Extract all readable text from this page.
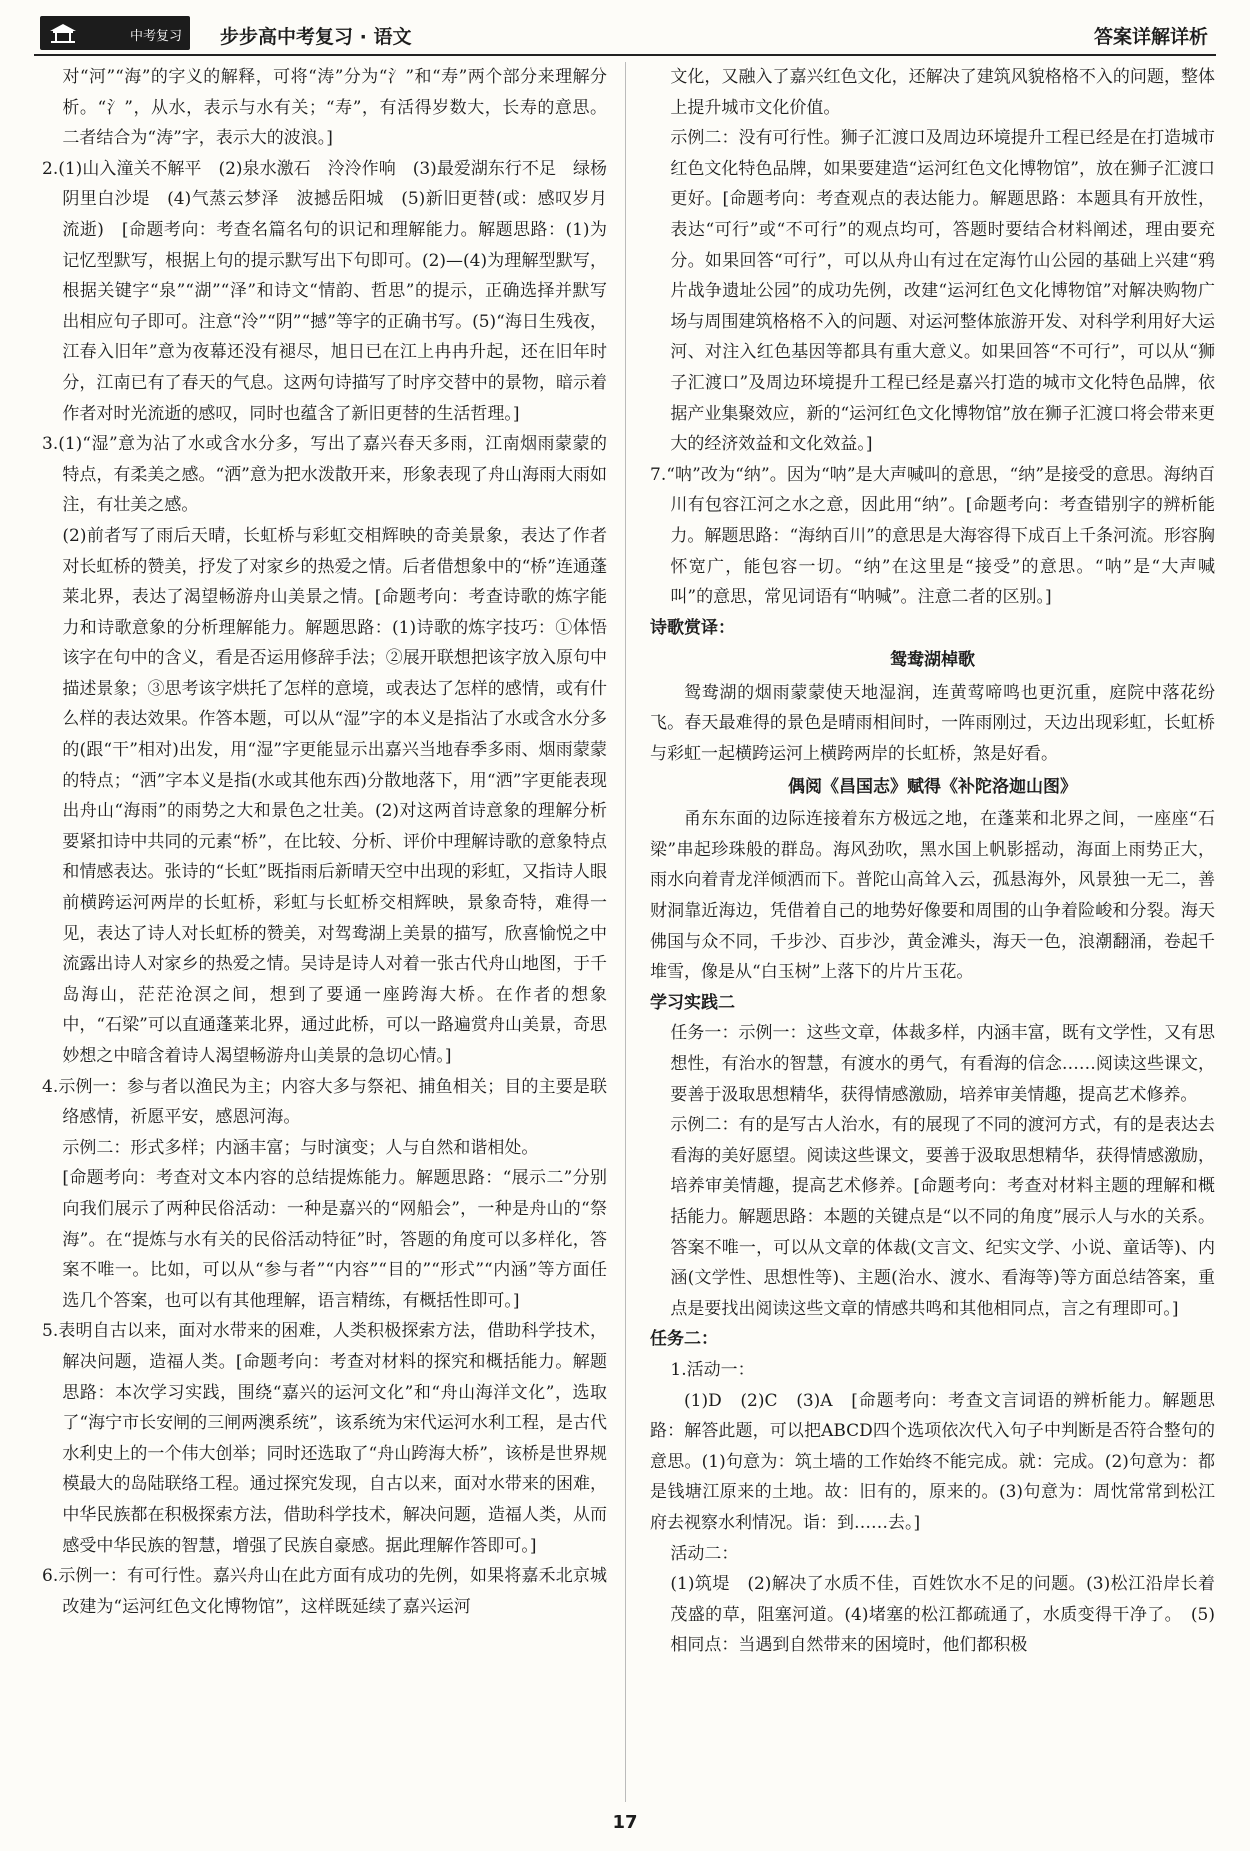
中考复习 步步高中考复习 · 语文	答案详解详析

对“河”“海”的字义的解释，可将“涛”分为“氵”和“寿”两个部分来理解分析。“氵”，从水，表示与水有关；“寿”，有活得岁数大，长寿的意思。二者结合为“涛”字，表示大的波浪。]

2.(1)山入潼关不解平　(2)泉水激石　泠泠作响　(3)最爱湖东行不足　绿杨阴里白沙堤　(4)气蒸云梦泽　波撼岳阳城　(5)新旧更替(或：感叹岁月流逝)　[命题考向：考查名篇名句的识记和理解能力。解题思路：(1)为记忆型默写，根据上句的提示默写出下句即可。(2)—(4)为理解型默写，根据关键字“泉”“湖”“泽”和诗文“情韵、哲思”的提示，正确选择并默写出相应句子即可。注意“泠”“阴”“撼”等字的正确书写。(5)“海日生残夜，江春入旧年”意为夜幕还没有褪尽，旭日已在江上冉冉升起，还在旧年时分，江南已有了春天的气息。这两句诗描写了时序交替中的景物，暗示着作者对时光流逝的感叹，同时也蕴含了新旧更替的生活哲理。]

3.(1)“湿”意为沾了水或含水分多，写出了嘉兴春天多雨，江南烟雨蒙蒙的特点，有柔美之感。“洒”意为把水泼散开来，形象表现了舟山海雨大雨如注，有壮美之感。

(2)前者写了雨后天晴，长虹桥与彩虹交相辉映的奇美景象，表达了作者对长虹桥的赞美，抒发了对家乡的热爱之情。后者借想象中的“桥”连通蓬莱北界，表达了渴望畅游舟山美景之情。[命题考向：考查诗歌的炼字能力和诗歌意象的分析理解能力。解题思路：(1)诗歌的炼字技巧：①体悟该字在句中的含义，看是否运用修辞手法；②展开联想把该字放入原句中描述景象；③思考该字烘托了怎样的意境，或表达了怎样的感情，或有什么样的表达效果。作答本题，可以从“湿”字的本义是指沾了水或含水分多的(跟“干”相对)出发，用“湿”字更能显示出嘉兴当地春季多雨、烟雨蒙蒙的特点；“洒”字本义是指(水或其他东西)分散地落下，用“洒”字更能表现出舟山“海雨”的雨势之大和景色之壮美。(2)对这两首诗意象的理解分析要紧扣诗中共同的元素“桥”，在比较、分析、评价中理解诗歌的意象特点和情感表达。张诗的“长虹”既指雨后新晴天空中出现的彩虹，又指诗人眼前横跨运河两岸的长虹桥，彩虹与长虹桥交相辉映，景象奇特，难得一见，表达了诗人对长虹桥的赞美，对驾鸯湖上美景的描写，欣喜愉悦之中流露出诗人对家乡的热爱之情。吴诗是诗人对着一张古代舟山地图，于千岛海山，茫茫沧溟之间，想到了要通一座跨海大桥。在作者的想象中，“石梁”可以直通蓬莱北界，通过此桥，可以一路遍赏舟山美景，奇思妙想之中暗含着诗人渴望畅游舟山美景的急切心情。]

4.示例一：参与者以渔民为主；内容大多与祭祀、捕鱼相关；目的主要是联络感情，祈愿平安，感恩河海。

示例二：形式多样；内涵丰富；与时演变；人与自然和谐相处。

[命题考向：考查对文本内容的总结提炼能力。解题思路：“展示二”分别向我们展示了两种民俗活动：一种是嘉兴的“网船会”，一种是舟山的“祭海”。在“提炼与水有关的民俗活动特征”时，答题的角度可以多样化，答案不唯一。比如，可以从“参与者”“内容”“目的”“形式”“内涵”等方面任选几个答案，也可以有其他理解，语言精练，有概括性即可。]

5.表明自古以来，面对水带来的困难，人类积极探索方法，借助科学技术，解决问题，造福人类。[命题考向：考查对材料的探究和概括能力。解题思路：本次学习实践，围绕“嘉兴的运河文化”和“舟山海洋文化”，选取了“海宁市长安闸的三闸两澳系统”，该系统为宋代运河水利工程，是古代水利史上的一个伟大创举；同时还选取了“舟山跨海大桥”，该桥是世界规模最大的岛陆联络工程。通过探究发现，自古以来，面对水带来的困难，中华民族都在积极探索方法，借助科学技术，解决问题，造福人类，从而感受中华民族的智慧，增强了民族自豪感。据此理解作答即可。]

6.示例一：有可行性。嘉兴舟山在此方面有成功的先例，如果将嘉禾北京城改建为“运河红色文化博物馆”，这样既延续了嘉兴运河

文化，又融入了嘉兴红色文化，还解决了建筑风貌格格不入的问题，整体上提升城市文化价值。

示例二：没有可行性。狮子汇渡口及周边环境提升工程已经是在打造城市红色文化特色品牌，如果要建造“运河红色文化博物馆”，放在狮子汇渡口更好。[命题考向：考查观点的表达能力。解题思路：本题具有开放性，表达“可行”或“不可行”的观点均可，答题时要结合材料阐述，理由要充分。如果回答“可行”，可以从舟山有过在定海竹山公园的基础上兴建“鸦片战争遗址公园”的成功先例，改建“运河红色文化博物馆”对解决购物广场与周围建筑格格不入的问题、对运河整体旅游开发、对科学利用好大运河、对注入红色基因等都具有重大意义。如果回答“不可行”，可以从“狮子汇渡口”及周边环境提升工程已经是嘉兴打造的城市文化特色品牌，依据产业集聚效应，新的“运河红色文化博物馆”放在狮子汇渡口将会带来更大的经济效益和文化效益。]

7.“呐”改为“纳”。因为“呐”是大声喊叫的意思，“纳”是接受的意思。海纳百川有包容江河之水之意，因此用“纳”。[命题考向：考查错别字的辨析能力。解题思路：“海纳百川”的意思是大海容得下成百上千条河流。形容胸怀宽广，能包容一切。“纳”在这里是“接受”的意思。“呐”是“大声喊叫”的意思，常见词语有“呐喊”。注意二者的区别。]

诗歌赏译：

鸳鸯湖棹歌

鸳鸯湖的烟雨蒙蒙使天地湿润，连黄莺啼鸣也更沉重，庭院中落花纷飞。春天最难得的景色是晴雨相间时，一阵雨刚过，天边出现彩虹，长虹桥与彩虹一起横跨运河上横跨两岸的长虹桥，煞是好看。

偶阅《昌国志》赋得《补陀洛迦山图》

甬东东面的边际连接着东方极远之地，在蓬莱和北界之间，一座座“石梁”串起珍珠般的群岛。海风劲吹，黑水国上帆影摇动，海面上雨势正大，雨水向着青龙洋倾洒而下。普陀山高耸入云，孤悬海外，风景独一无二，善财洞靠近海边，凭借着自己的地势好像要和周围的山争着险峻和分裂。海天佛国与众不同，千步沙、百步沙，黄金滩头，海天一色，浪潮翻涌，卷起千堆雪，像是从“白玉树”上落下的片片玉花。

学习实践二

任务一：示例一：这些文章，体裁多样，内涵丰富，既有文学性，又有思想性，有治水的智慧，有渡水的勇气，有看海的信念……阅读这些课文，要善于汲取思想精华，获得情感激励，培养审美情趣，提高艺术修养。

示例二：有的是写古人治水，有的展现了不同的渡河方式，有的是表达去看海的美好愿望。阅读这些课文，要善于汲取思想精华，获得情感激励，培养审美情趣，提高艺术修养。[命题考向：考查对材料主题的理解和概括能力。解题思路：本题的关键点是“以不同的角度”展示人与水的关系。答案不唯一，可以从文章的体裁(文言文、纪实文学、小说、童话等)、内涵(文学性、思想性等)、主题(治水、渡水、看海等)等方面总结答案，重点是要找出阅读这些文章的情感共鸣和其他相同点，言之有理即可。]

任务二：

1.活动一：

(1)D　(2)C　(3)A　[命题考向：考查文言词语的辨析能力。解题思路：解答此题，可以把ABCD四个选项依次代入句子中判断是否符合整句的意思。(1)句意为：筑土墙的工作始终不能完成。就：完成。(2)句意为：都是钱塘江原来的土地。故：旧有的，原来的。(3)句意为：周忱常常到松江府去视察水利情况。诣：到……去。]

活动二：

(1)筑堤　(2)解决了水质不佳，百姓饮水不足的问题。(3)松江沿岸长着茂盛的草，阻塞河道。(4)堵塞的松江都疏通了，水质变得干净了。　(5)相同点：当遇到自然带来的困境时，他们都积极

17
